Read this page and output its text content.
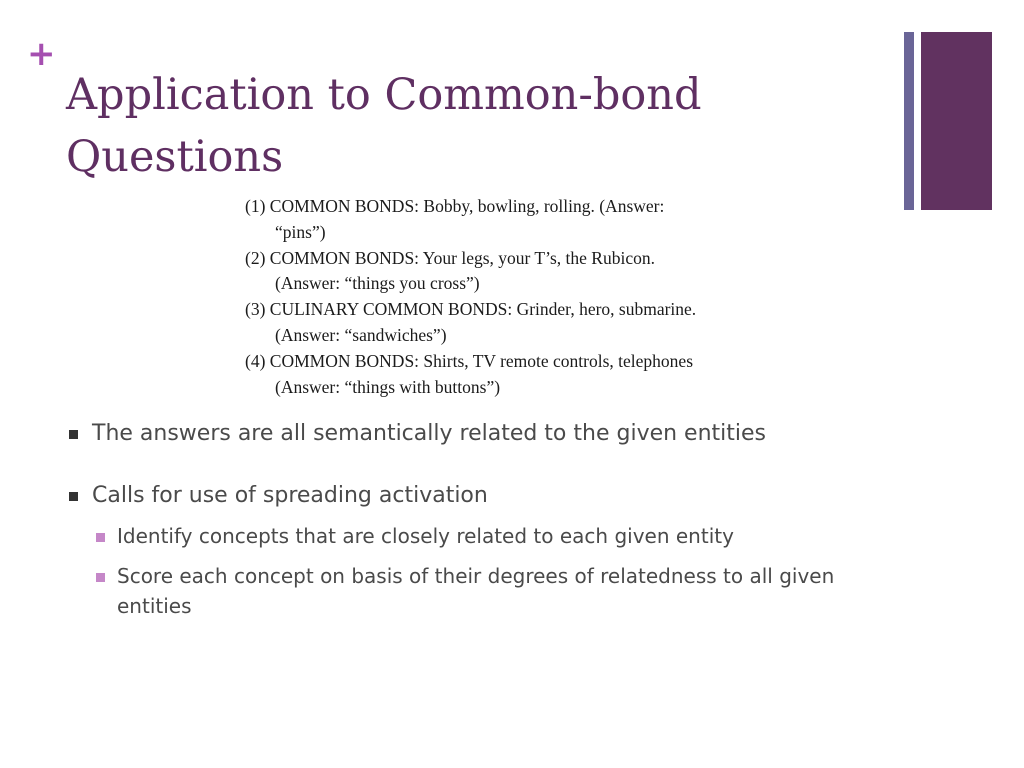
+
Application to Common-bond Questions
(1) COMMON BONDS: Bobby, bowling, rolling. (Answer: “pins”)
(2) COMMON BONDS: Your legs, your T’s, the Rubicon. (Answer: “things you cross”)
(3) CULINARY COMMON BONDS: Grinder, hero, submarine. (Answer: “sandwiches”)
(4) COMMON BONDS: Shirts, TV remote controls, telephones (Answer: “things with buttons”)
The answers are all semantically related to the given entities
Calls for use of spreading activation
Identify concepts that are closely related to each given entity
Score each concept on basis of their degrees of relatedness to all given entities
